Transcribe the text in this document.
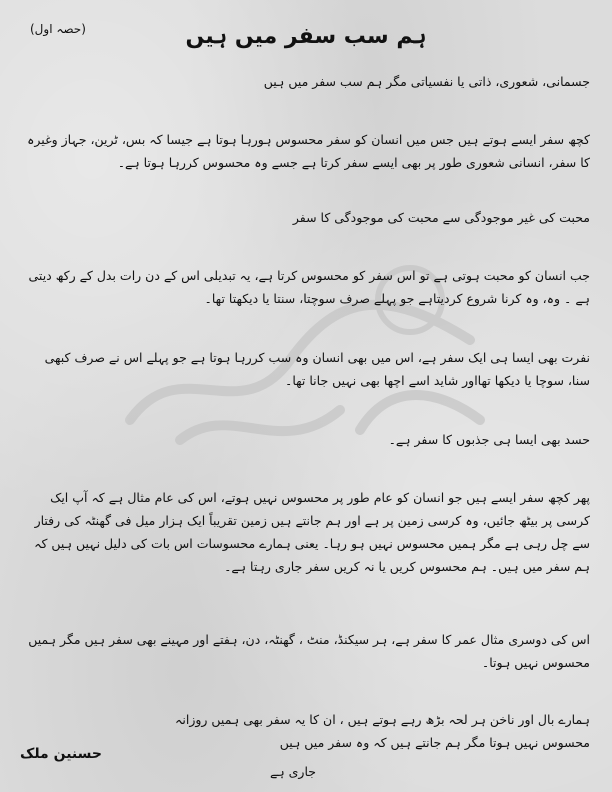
(حصہ اول)	ہم سب سفر میں ہیں

جسمانی، شعوری، ذاتی یا نفسیاتی مگر ہم سب سفر میں ہیں

کچھ سفر ایسے ہوتے ہیں جس میں انسان کو سفر محسوس ہورہا ہوتا ہے جیسا کہ بس، ٹرین، جہاز وغیرہ کا سفر، انسانی شعوری طور پر بھی ایسے سفر کرتا ہے جسے وہ محسوس کررہا ہوتا ہے۔

محبت کی غیر موجودگی سے محبت کی موجودگی کا سفر

جب انسان کو محبت ہوتی ہے تو اس سفر کو محسوس کرتا ہے، یہ تبدیلی اس کے دن رات بدل کے رکھ دیتی ہے ۔ وہ، وہ کرنا شروع کردیتاہے جو پہلے صرف سوچتا، سنتا یا دیکھتا تھا۔

نفرت بھی ایسا ہی ایک سفر ہے، اس میں بھی انسان وہ سب کررہا ہوتا ہے جو پہلے اس نے صرف کبھی سنا، سوچا یا دیکھا تھااور شاید اسے اچھا بھی نہیں جانا تھا۔

حسد بھی ایسا ہی جذبوں کا سفر ہے۔

پھر کچھ سفر ایسے ہیں جو انسان کو عام طور پر محسوس نہیں ہوتے، اس کی عام مثال ہے کہ آپ ایک کرسی پر بیٹھ جائیں، وہ کرسی زمین پر ہے اور ہم جانتے ہیں زمین تقریباً ایک ہزار میل فی گھنٹہ کی رفتار سے چل رہی ہے مگر ہمیں محسوس نہیں ہو رہا۔ یعنی ہمارے محسوسات اس بات کی دلیل نہیں ہیں کہ ہم سفر میں ہیں۔ ہم محسوس کریں یا نہ کریں سفر جاری رہتا ہے۔

اس کی دوسری مثال عمر کا سفر ہے، ہر سیکنڈ، منٹ ، گھنٹہ، دن، ہفتے اور مہینے بھی سفر ہیں مگر ہمیں محسوس نہیں ہوتا۔

ہمارے بال اور ناخن ہر لحہ بڑھ رہے ہوتے ہیں ، ان کا یہ سفر بھی ہمیں روزانہ محسوس نہیں ہوتا مگر ہم جانتے ہیں کہ وہ سفر میں ہیں

حسنین ملک
جاری ہے
